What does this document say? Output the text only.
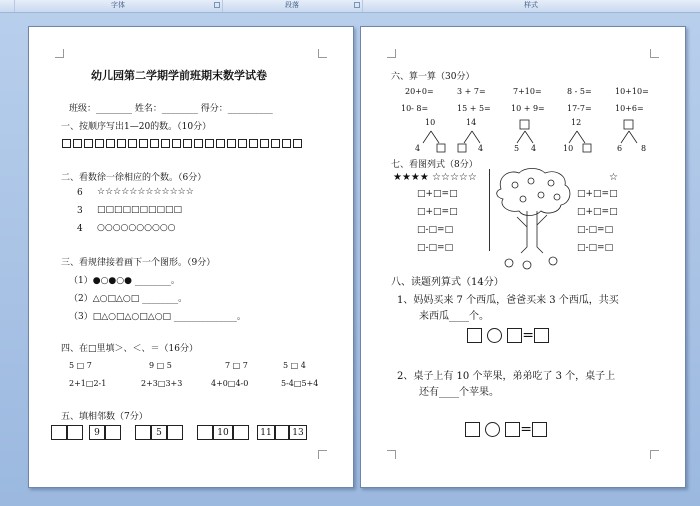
字体	段落	样式
幼儿园第二学期学前班期末数学试卷
班级：________ 姓名：________ 得分：__________
一、按顺序写出1—20的数。（10分）
二、看数徐一徐相应的个数。（6分）
6 ☆☆☆☆☆☆☆☆☆☆☆☆
3 □□□□□□□□□□
4 ○○○○○○○○○○
三、看规律接着画下一个图形。（9分）
（1）●○●○● ________。
（2）△○□△○□ ________。
（3）□△○□△○□△○□ ______________。
四、在□里填＞、＜、＝（16分）
5 □ 7	9 □ 5	7 □ 7	5 □ 4
2+1□2-1	2+3□3+3	4+0□4-0	5-4□5+4
五、填相邻数（7分）
9	5	10	11	13
六、算一算（30分）
20+0=	3 + 7=	7+10=	8 - 5=	10+10=
10- 8=	15 + 5=	10 + 9=	17-7=	10+6=
10
4
14
4	5 4
12
10	6 8
七、看图列式（8分）
★★★★ ☆☆☆☆☆	☆
□+□=□
□+□=□
□-□=□
□-□=□
□+□=□
□+□=□
□-□=□
□-□=□
八、读题列算式（14分）
1、妈妈买来 7 个西瓜，爸爸买来 3 个西瓜，共买
来西瓜____个。
=
2、桌子上有 10 个苹果，弟弟吃了 3 个，桌子上
还有____个苹果。
=
